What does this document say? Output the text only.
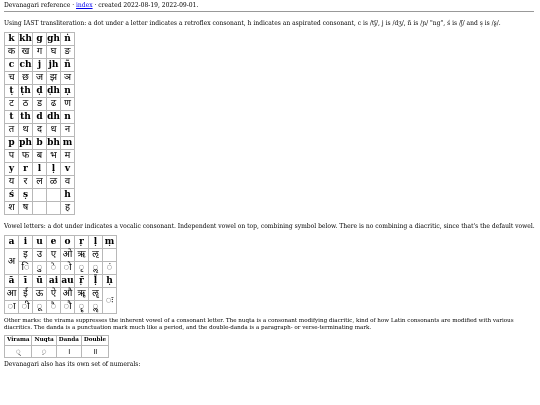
Devanagari reference · index · created 2022-08-19, 2022-09-01.

Using IAST transliteration: a dot under a letter indicates a retroflex consonant, h indicates an aspirated consonant, c is /tʃ/, j is /dʒ/, ñ is /ɲ/ "ng", ś is /ʃ/ and ṣ is /ʂ/.

k	kh	g	gh	ṅ
क	ख	ग	घ	ङ
c	ch	j	jh	ñ
च	छ	ज	झ	ञ
ṭ	ṭh	ḍ	ḍh	ṇ
ट	ठ	ड	ढ	ण
t	th	d	dh	n
त	थ	द	ध	न
p	ph	b	bh	m
प	फ	ब	भ	म
y	r	l	ḷ	v
य	र	ल	ळ	व
ś	ṣ			h
श	ष			ह

Vowel letters: a dot under indicates a vocalic consonant. Independent vowel on top, combining symbol below. There is no combining a diacritic, since that's the default vowel.

a	i	u	e	o	ṛ	ḷ	ṃ
अ	इ	उ	ए	ओ	ऋ	ऌ	
	◌ि	◌ु	◌े	◌ो	◌ृ	◌ॢ	◌ं
ā	ī	ū	ai	au	ṝ	ḹ	ḥ
आ	ई	ऊ	ऐ	औ	ॠ	ॡ	◌ः
◌ा	◌ी	◌ू	◌ै	◌ौ	◌ॄ	◌ॣ	

Other marks: the virama suppresses the inherent vowel of a consonant letter. The nuqta is a consonant modifying diacritic, kind of how Latin consonants are modified with various diacritics. The danda is a punctuation mark much like a period, and the double-danda is a paragraph- or verse-terminating mark.

Virama	Nuqta	Danda	Double
◌्	◌़	।	॥
Devanagari also has its own set of numerals:
